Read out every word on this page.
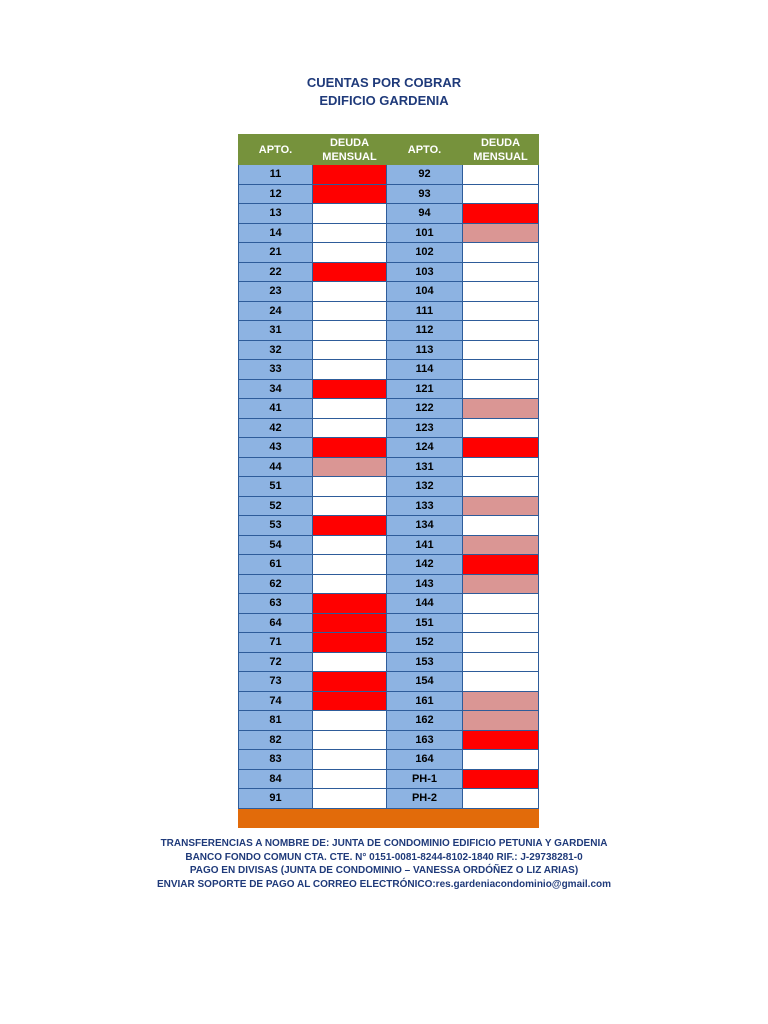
CUENTAS POR COBRAR
EDIFICIO GARDENIA
APTO.	DEUDA MENSUAL	APTO.	DEUDA MENSUAL
11		92	
12		93	
13		94	
14		101	
21		102	
22		103	
23		104	
24		111	
31		112	
32		113	
33		114	
34		121	
41		122	
42		123	
43		124	
44		131	
51		132	
52		133	
53		134	
54		141	
61		142	
62		143	
63		144	
64		151	
71		152	
72		153	
73		154	
74		161	
81		162	
82		163	
83		164	
84		PH-1	
91		PH-2	

TRANSFERENCIAS A NOMBRE DE: JUNTA DE CONDOMINIO EDIFICIO PETUNIA Y GARDENIA
BANCO FONDO COMUN CTA. CTE. N° 0151-0081-8244-8102-1840 RIF.: J-29738281-0
PAGO EN DIVISAS (JUNTA DE CONDOMINIO – VANESSA ORDÓÑEZ O LIZ ARIAS)
ENVIAR SOPORTE DE PAGO AL CORREO ELECTRÓNICO:res.gardeniacondominio@gmail.com
